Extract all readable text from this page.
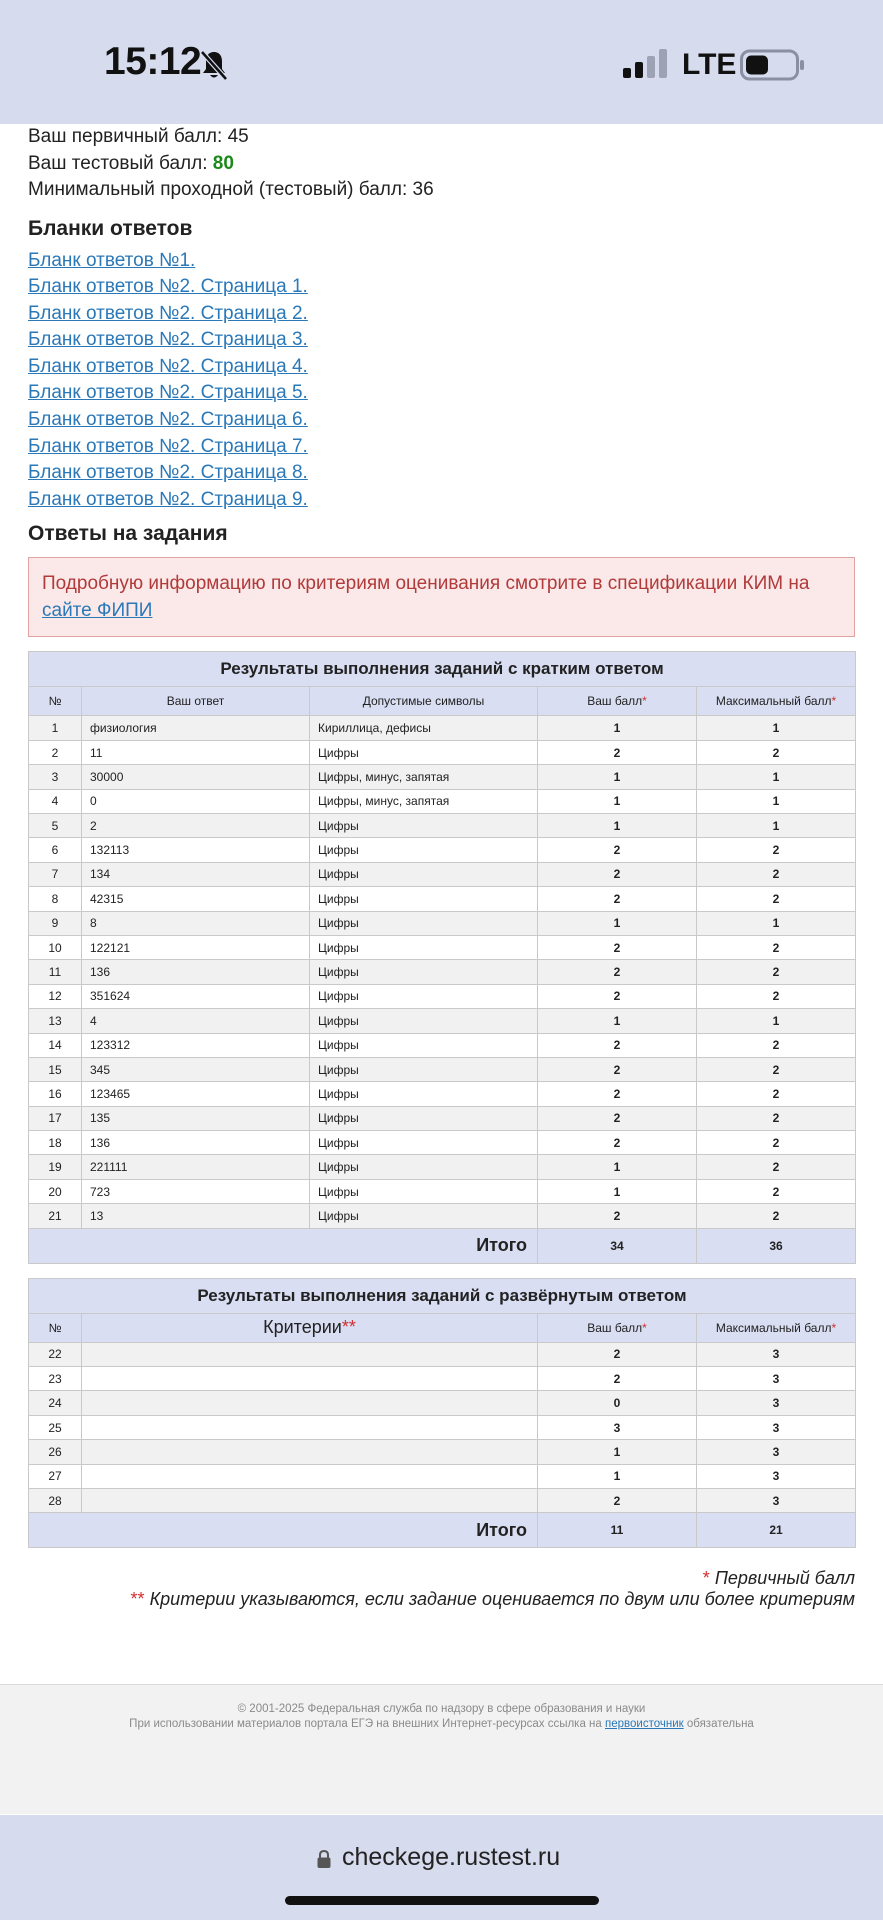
15:12	LTE
Ваш первичный балл: 45
Ваш тестовый балл: 80
Минимальный проходной (тестовый) балл: 36
Бланки ответов
Бланк ответов №1.
Бланк ответов №2. Страница 1.
Бланк ответов №2. Страница 2.
Бланк ответов №2. Страница 3.
Бланк ответов №2. Страница 4.
Бланк ответов №2. Страница 5.
Бланк ответов №2. Страница 6.
Бланк ответов №2. Страница 7.
Бланк ответов №2. Страница 8.
Бланк ответов №2. Страница 9.
Ответы на задания
Подробную информацию по критериям оценивания смотрите в спецификации КИМ на сайте ФИПИ
Результаты выполнения заданий с кратким ответом				
№	Ваш ответ	Допустимые символы	Ваш балл*	Максимальный балл*
1	физиология	Кириллица, дефисы	1	1
2	11	Цифры	2	2
3	30000	Цифры, минус, запятая	1	1
4	0	Цифры, минус, запятая	1	1
5	2	Цифры	1	1
6	132113	Цифры	2	2
7	134	Цифры	2	2
8	42315	Цифры	2	2
9	8	Цифры	1	1
10	122121	Цифры	2	2
11	136	Цифры	2	2
12	351624	Цифры	2	2
13	4	Цифры	1	1
14	123312	Цифры	2	2
15	345	Цифры	2	2
16	123465	Цифры	2	2
17	135	Цифры	2	2
18	136	Цифры	2	2
19	221111	Цифры	1	2
20	723	Цифры	1	2
21	13	Цифры	2	2
Итого			34	36
Результаты выполнения заданий с развёрнутым ответом			
№	Критерии**	Ваш балл*	Максимальный балл*
22		2	3
23		2	3
24		0	3
25		3	3
26		1	3
27		1	3
28		2	3
Итого		11	21
* Первичный балл
** Критерии указываются, если задание оценивается по двум или более критериям

© 2001-2025 Федеральная служба по надзору в сфере образования и науки

При использовании материалов портала ЕГЭ на внешних Интернет-ресурсах ссылка на первоисточник обязательна

checkege.rustest.ru
